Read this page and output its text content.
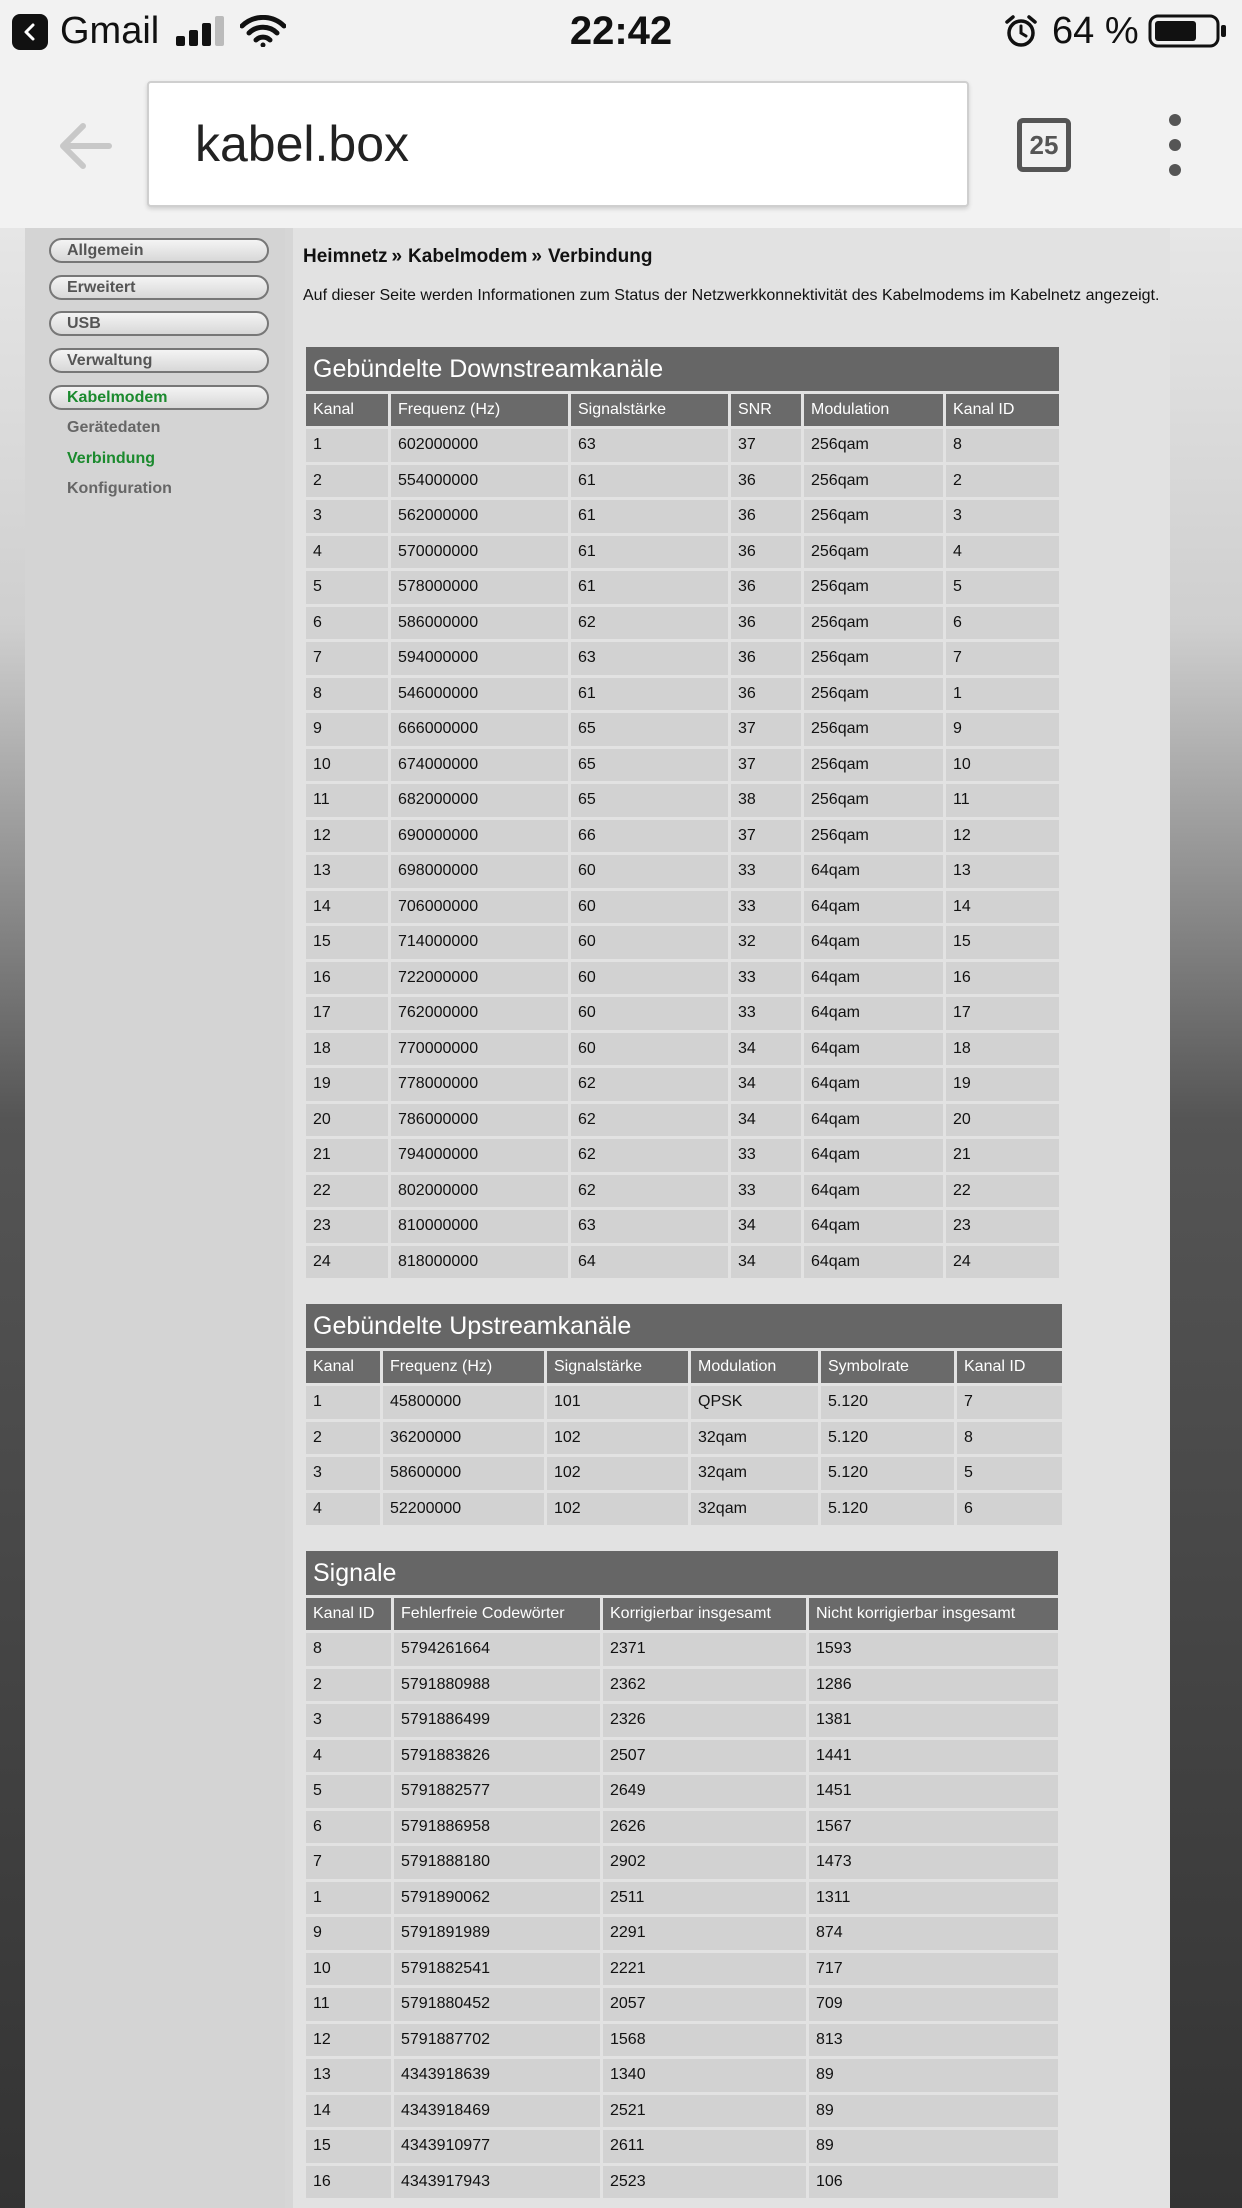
Gmail	22:42	64 %
kabel.box	25
Allgemein
Erweitert
USB
Verwaltung
Kabelmodem
Gerätedaten
Verbindung
Konfiguration
Heimnetz » Kabelmodem » Verbindung
Auf dieser Seite werden Informationen zum Status der Netzwerkkonnektivität des Kabelmodems im Kabelnetz angezeigt.
Gebündelte Downstreamkanäle					
Kanal	Frequenz (Hz)	Signalstärke	SNR	Modulation	Kanal ID
1	602000000	63	37	256qam	8
2	554000000	61	36	256qam	2
3	562000000	61	36	256qam	3
4	570000000	61	36	256qam	4
5	578000000	61	36	256qam	5
6	586000000	62	36	256qam	6
7	594000000	63	36	256qam	7
8	546000000	61	36	256qam	1
9	666000000	65	37	256qam	9
10	674000000	65	37	256qam	10
11	682000000	65	38	256qam	11
12	690000000	66	37	256qam	12
13	698000000	60	33	64qam	13
14	706000000	60	33	64qam	14
15	714000000	60	32	64qam	15
16	722000000	60	33	64qam	16
17	762000000	60	33	64qam	17
18	770000000	60	34	64qam	18
19	778000000	62	34	64qam	19
20	786000000	62	34	64qam	20
21	794000000	62	33	64qam	21
22	802000000	62	33	64qam	22
23	810000000	63	34	64qam	23
24	818000000	64	34	64qam	24
Gebündelte Upstreamkanäle					
Kanal	Frequenz (Hz)	Signalstärke	Modulation	Symbolrate	Kanal ID
1	45800000	101	QPSK	5.120	7
2	36200000	102	32qam	5.120	8
3	58600000	102	32qam	5.120	5
4	52200000	102	32qam	5.120	6
Signale			
Kanal ID	Fehlerfreie Codewörter	Korrigierbar insgesamt	Nicht korrigierbar insgesamt
8	5794261664	2371	1593
2	5791880988	2362	1286
3	5791886499	2326	1381
4	5791883826	2507	1441
5	5791882577	2649	1451
6	5791886958	2626	1567
7	5791888180	2902	1473
1	5791890062	2511	1311
9	5791891989	2291	874
10	5791882541	2221	717
11	5791880452	2057	709
12	5791887702	1568	813
13	4343918639	1340	89
14	4343918469	2521	89
15	4343910977	2611	89
16	4343917943	2523	106
